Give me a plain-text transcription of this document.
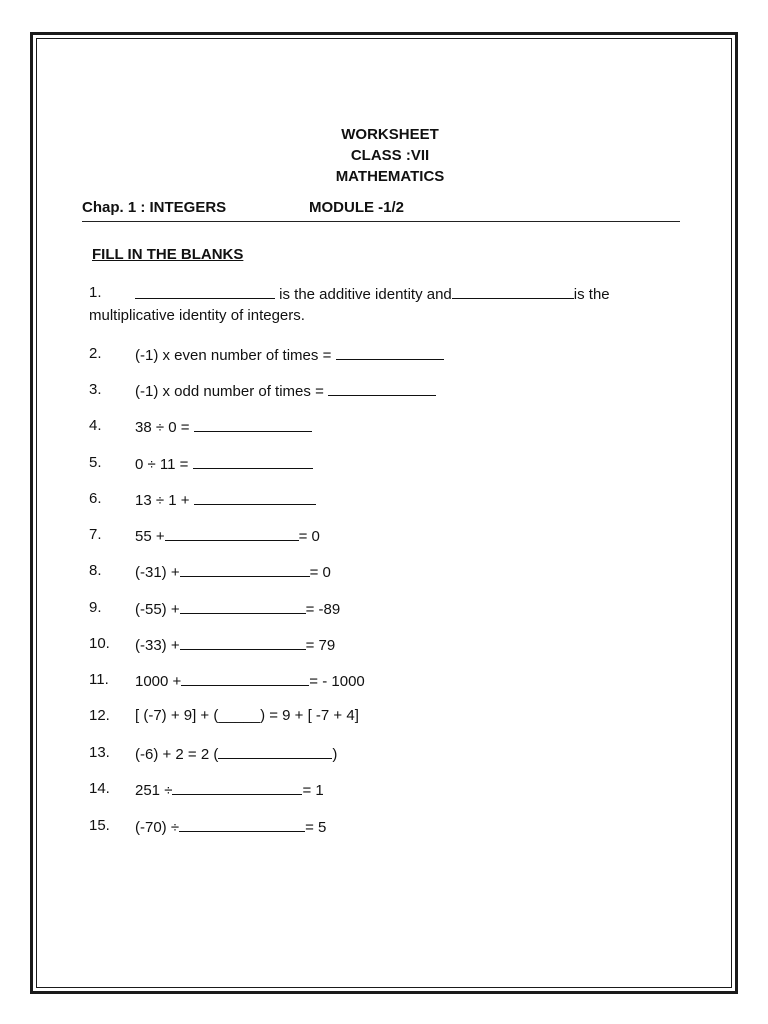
WORKSHEET
CLASS :VII
MATHEMATICS
Chap. 1 : INTEGERS	MODULE -1/2
FILL IN THE BLANKS
1.	is the additive identity and	is the
multiplicative identity of integers.
2. (-1) x even number of times =
3. (-1) x odd number of times =
4. 38 ÷ 0 =
5. 0 ÷ 11 =
6. 13 ÷ 1 +
7. 55 +	= 0
8. (-31) +	= 0
9. (-55) +	= -89
10. (-33) +	= 79
11. 1000 +	= - 1000
12. [ (-7) + 9] + (_____) = 9 + [ -7 + 4]
13. (-6) + 2 = 2 (	)
14. 251 ÷	= 1
15. (-70) ÷	= 5
